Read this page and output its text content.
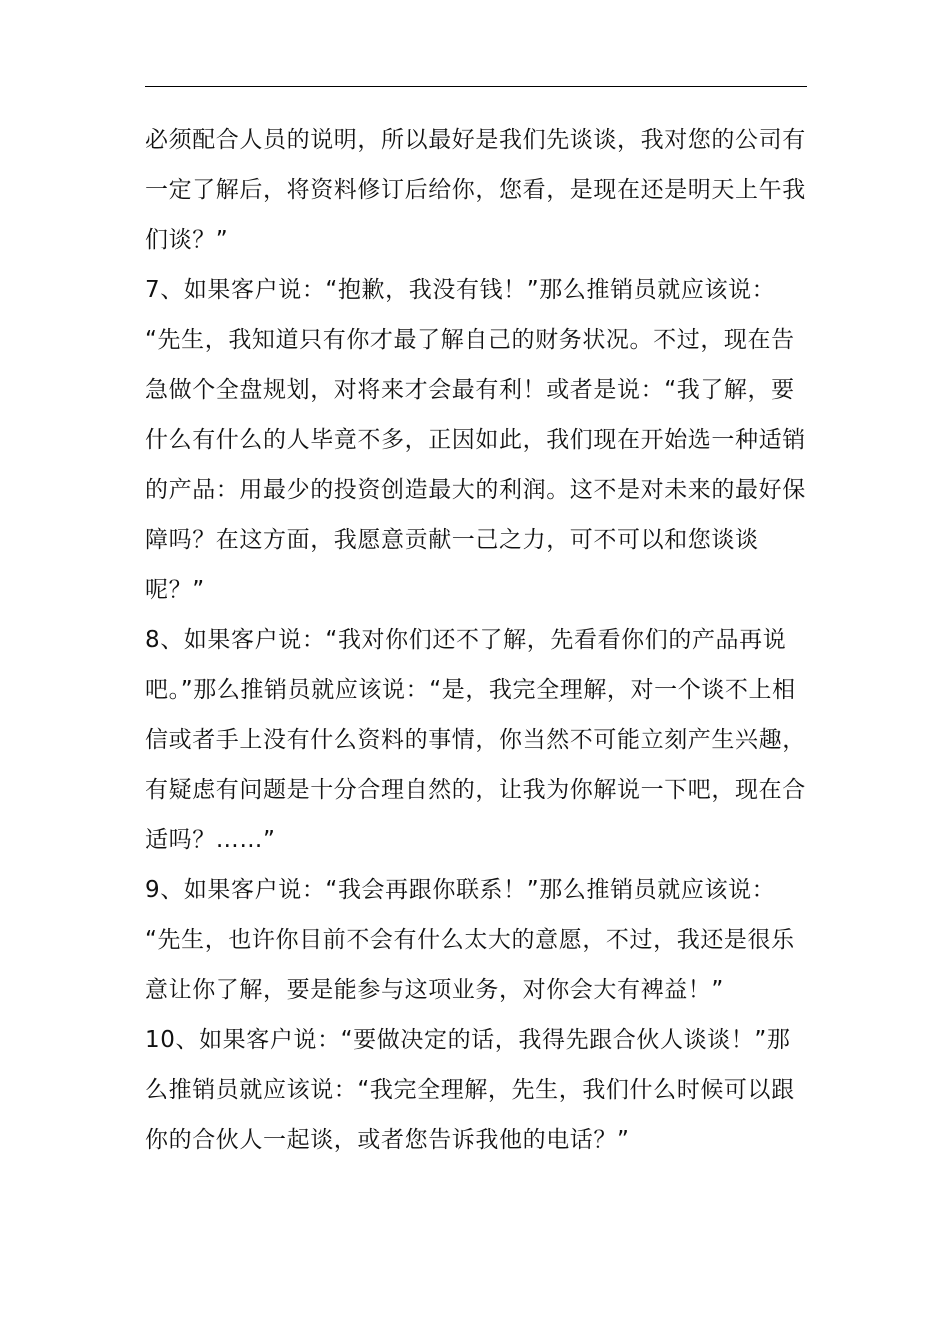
必须配合人员的说明，所以最好是我们先谈谈，我对您的公司有
一定了解后，将资料修订后给你，您看，是现在还是明天上午我
们谈？”
7、如果客户说：“抱歉，我没有钱！”那么推销员就应该说：
“先生，我知道只有你才最了解自己的财务状况。不过，现在告
急做个全盘规划，对将来才会最有利！或者是说：“我了解，要
什么有什么的人毕竟不多，正因如此，我们现在开始选一种适销
的产品：用最少的投资创造最大的利润。这不是对未来的最好保
障吗？在这方面，我愿意贡献一己之力，可不可以和您谈谈
呢？”
8、如果客户说：“我对你们还不了解，先看看你们的产品再说
吧。”那么推销员就应该说：“是，我完全理解，对一个谈不上相
信或者手上没有什么资料的事情，你当然不可能立刻产生兴趣，
有疑虑有问题是十分合理自然的，让我为你解说一下吧，现在合
适吗？……”
9、如果客户说：“我会再跟你联系！”那么推销员就应该说：
“先生，也许你目前不会有什么太大的意愿，不过，我还是很乐
意让你了解，要是能参与这项业务，对你会大有裨益！”
10、如果客户说：“要做决定的话，我得先跟合伙人谈谈！”那
么推销员就应该说：“我完全理解，先生，我们什么时候可以跟
你的合伙人一起谈，或者您告诉我他的电话？”
